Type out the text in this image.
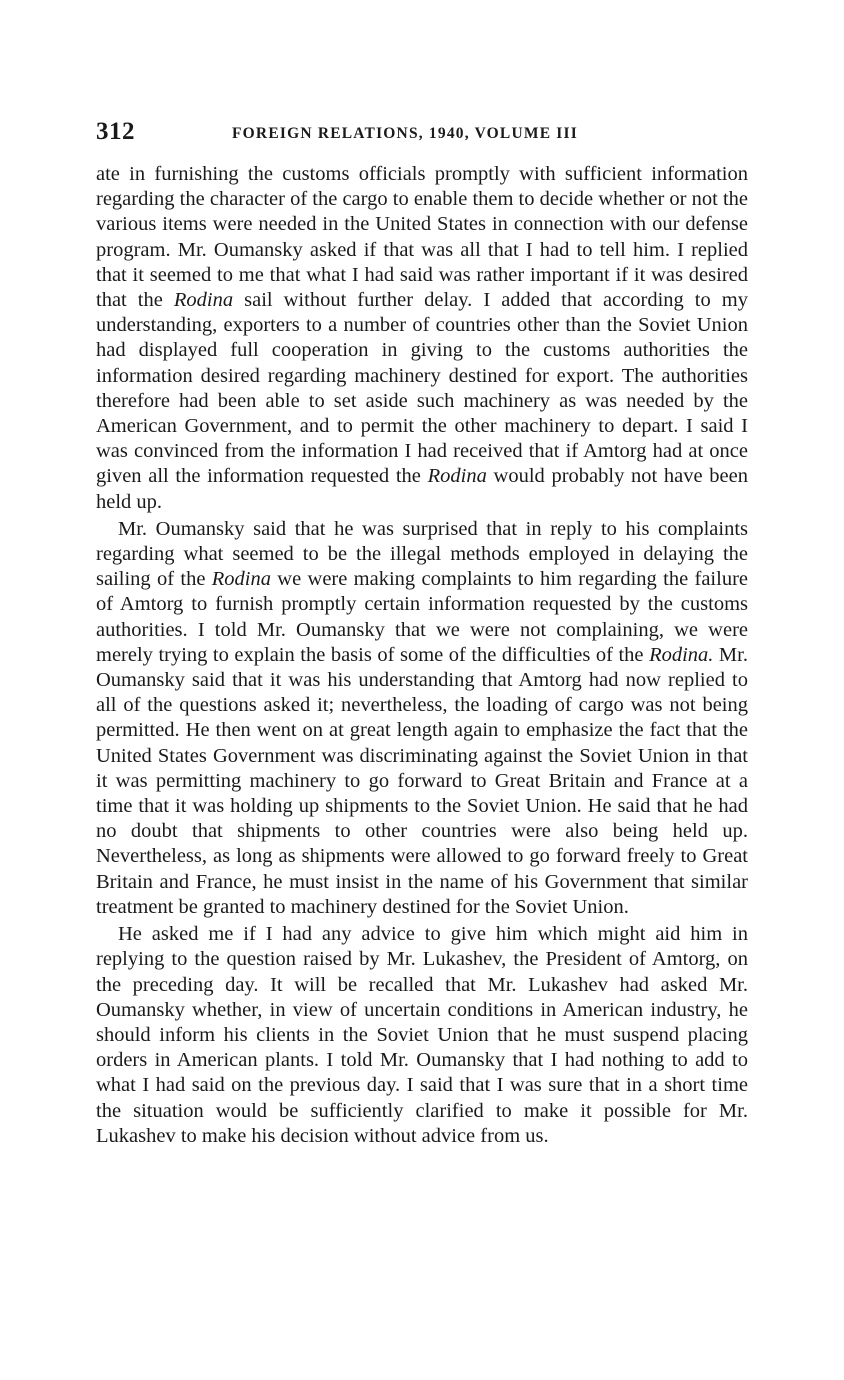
312	FOREIGN RELATIONS, 1940, VOLUME III

ate in furnishing the customs officials promptly with sufficient information regarding the character of the cargo to enable them to decide whether or not the various items were needed in the United States in connection with our defense program. Mr. Oumansky asked if that was all that I had to tell him. I replied that it seemed to me that what I had said was rather important if it was desired that the Rodina sail without further delay. I added that according to my understanding, exporters to a number of countries other than the Soviet Union had displayed full cooperation in giving to the customs authorities the information desired regarding machinery destined for export. The authorities therefore had been able to set aside such machinery as was needed by the American Government, and to permit the other machinery to depart. I said I was convinced from the information I had received that if Amtorg had at once given all the information requested the Rodina would probably not have been held up.

Mr. Oumansky said that he was surprised that in reply to his complaints regarding what seemed to be the illegal methods employed in delaying the sailing of the Rodina we were making complaints to him regarding the failure of Amtorg to furnish promptly certain information requested by the customs authorities. I told Mr. Oumansky that we were not complaining, we were merely trying to explain the basis of some of the difficulties of the Rodina. Mr. Oumansky said that it was his understanding that Amtorg had now replied to all of the questions asked it; nevertheless, the loading of cargo was not being permitted. He then went on at great length again to emphasize the fact that the United States Government was discriminating against the Soviet Union in that it was permitting machinery to go forward to Great Britain and France at a time that it was holding up shipments to the Soviet Union. He said that he had no doubt that shipments to other countries were also being held up. Nevertheless, as long as shipments were allowed to go forward freely to Great Britain and France, he must insist in the name of his Government that similar treatment be granted to machinery destined for the Soviet Union.

He asked me if I had any advice to give him which might aid him in replying to the question raised by Mr. Lukashev, the President of Amtorg, on the preceding day. It will be recalled that Mr. Lukashev had asked Mr. Oumansky whether, in view of uncertain conditions in American industry, he should inform his clients in the Soviet Union that he must suspend placing orders in American plants. I told Mr. Oumansky that I had nothing to add to what I had said on the previous day. I said that I was sure that in a short time the situation would be sufficiently clarified to make it possible for Mr. Lukashev to make his decision without advice from us.
